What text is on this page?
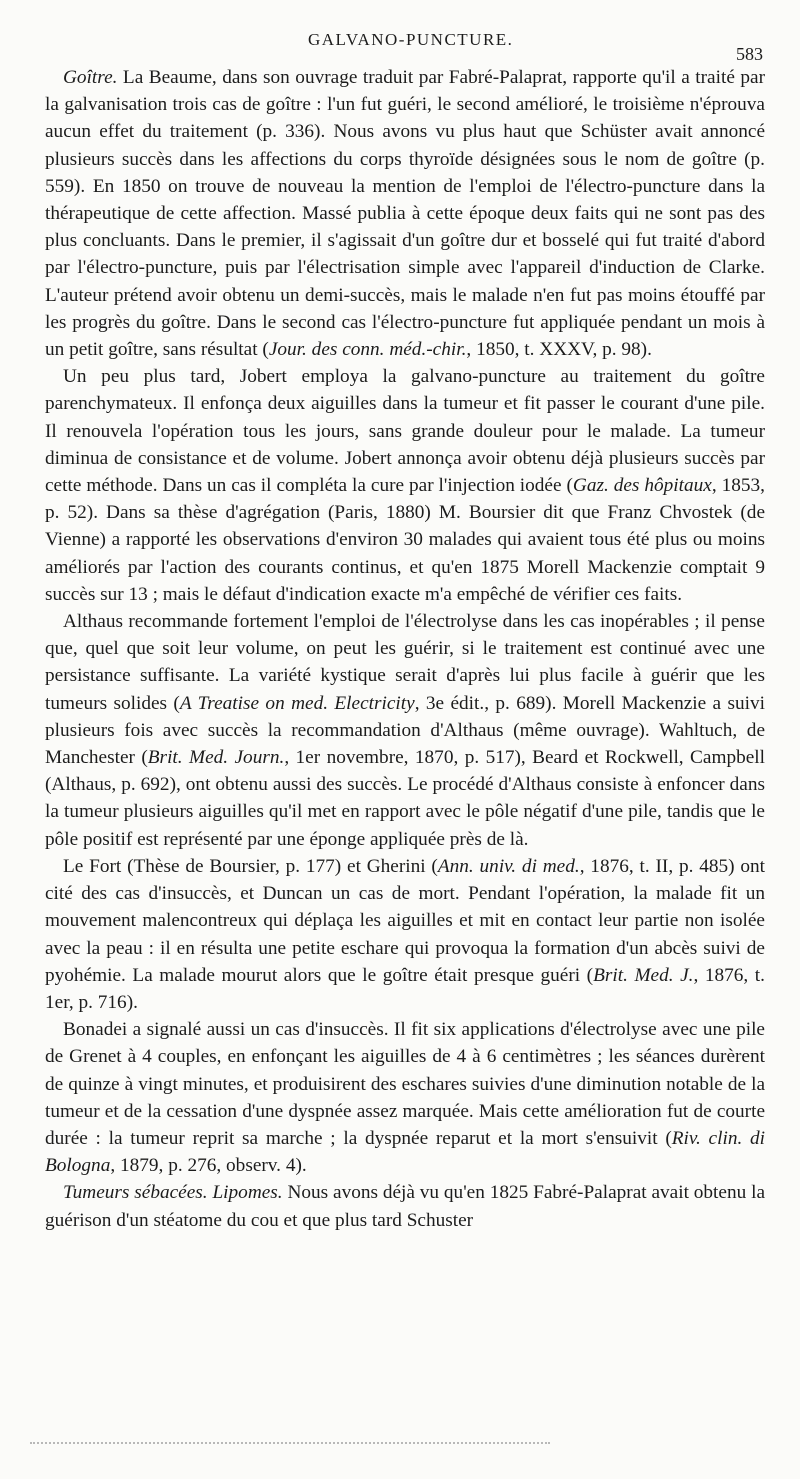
GALVANO-PUNCTURE.
583

Goître. La Beaume, dans son ouvrage traduit par Fabré-Palaprat, rapporte qu'il a traité par la galvanisation trois cas de goître : l'un fut guéri, le second amélioré, le troisième n'éprouva aucun effet du traitement (p. 336). Nous avons vu plus haut que Schüster avait annoncé plusieurs succès dans les affections du corps thyroïde désignées sous le nom de goître (p. 559). En 1850 on trouve de nouveau la mention de l'emploi de l'électro-puncture dans la thérapeutique de cette affection. Massé publia à cette époque deux faits qui ne sont pas des plus concluants. Dans le premier, il s'agissait d'un goître dur et bosselé qui fut traité d'abord par l'électro-puncture, puis par l'électrisation simple avec l'appareil d'induction de Clarke. L'auteur prétend avoir obtenu un demi-succès, mais le malade n'en fut pas moins étouffé par les progrès du goître. Dans le second cas l'électro-puncture fut appliquée pendant un mois à un petit goître, sans résultat (Jour. des conn. méd.-chir., 1850, t. XXXV, p. 98).

Un peu plus tard, Jobert employa la galvano-puncture au traitement du goître parenchymateux. Il enfonça deux aiguilles dans la tumeur et fit passer le courant d'une pile. Il renouvela l'opération tous les jours, sans grande douleur pour le malade. La tumeur diminua de consistance et de volume. Jobert annonça avoir obtenu déjà plusieurs succès par cette méthode. Dans un cas il compléta la cure par l'injection iodée (Gaz. des hôpitaux, 1853, p. 52). Dans sa thèse d'agrégation (Paris, 1880) M. Boursier dit que Franz Chvostek (de Vienne) a rapporté les observations d'environ 30 malades qui avaient tous été plus ou moins améliorés par l'action des courants continus, et qu'en 1875 Morell Mackenzie comptait 9 succès sur 13 ; mais le défaut d'indication exacte m'a empêché de vérifier ces faits.

Althaus recommande fortement l'emploi de l'électrolyse dans les cas inopérables ; il pense que, quel que soit leur volume, on peut les guérir, si le traitement est continué avec une persistance suffisante. La variété kystique serait d'après lui plus facile à guérir que les tumeurs solides (A Treatise on med. Electricity, 3e édit., p. 689). Morell Mackenzie a suivi plusieurs fois avec succès la recommandation d'Althaus (même ouvrage). Wahltuch, de Manchester (Brit. Med. Journ., 1er novembre, 1870, p. 517), Beard et Rockwell, Campbell (Althaus, p. 692), ont obtenu aussi des succès. Le procédé d'Althaus consiste à enfoncer dans la tumeur plusieurs aiguilles qu'il met en rapport avec le pôle négatif d'une pile, tandis que le pôle positif est représenté par une éponge appliquée près de là.

Le Fort (Thèse de Boursier, p. 177) et Gherini (Ann. univ. di med., 1876, t. II, p. 485) ont cité des cas d'insuccès, et Duncan un cas de mort. Pendant l'opération, la malade fit un mouvement malencontreux qui déplaça les aiguilles et mit en contact leur partie non isolée avec la peau : il en résulta une petite eschare qui provoqua la formation d'un abcès suivi de pyohémie. La malade mourut alors que le goître était presque guéri (Brit. Med. J., 1876, t. 1er, p. 716).

Bonadei a signalé aussi un cas d'insuccès. Il fit six applications d'électrolyse avec une pile de Grenet à 4 couples, en enfonçant les aiguilles de 4 à 6 centimètres ; les séances durèrent de quinze à vingt minutes, et produisirent des eschares suivies d'une diminution notable de la tumeur et de la cessation d'une dyspnée assez marquée. Mais cette amélioration fut de courte durée : la tumeur reprit sa marche ; la dyspnée reparut et la mort s'ensuivit (Riv. clin. di Bologna, 1879, p. 276, observ. 4).

Tumeurs sébacées. Lipomes. Nous avons déjà vu qu'en 1825 Fabré-Palaprat avait obtenu la guérison d'un stéatome du cou et que plus tard Schuster
